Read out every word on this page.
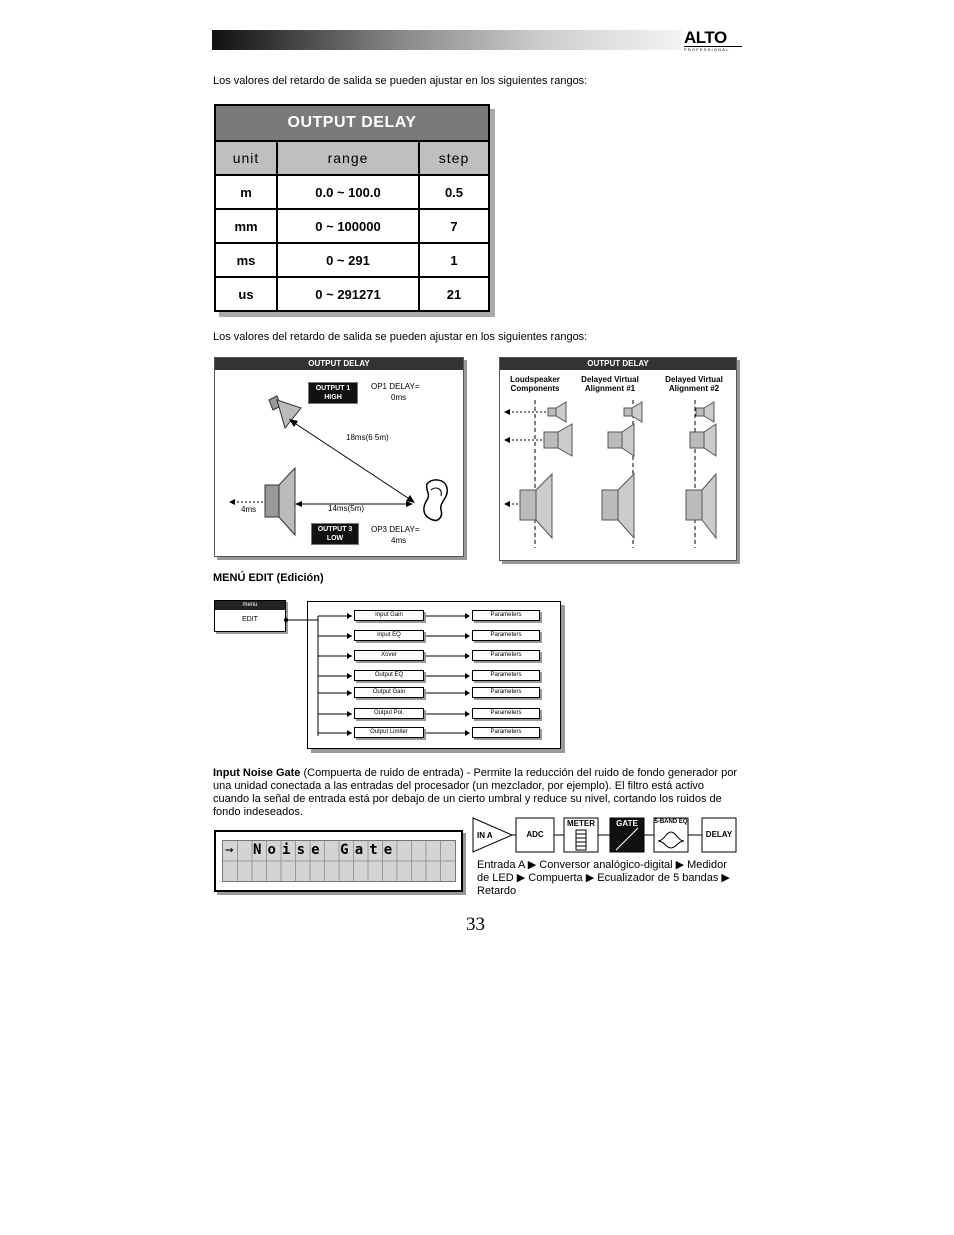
ALTO
PROFESSIONAL
Los valores del retardo de salida se pueden ajustar en los siguientes rangos:
OUTPUT DELAY
unit	range	step
m	0.0 ~ 100.0	0.5
mm	0 ~ 100000	7
ms	0 ~ 291	1
us	0 ~ 291271	21
Los valores del retardo de salida se pueden ajustar en los siguientes rangos:
OUTPUT DELAY
OUTPUT 1 HIGH
OP1 DELAY=
0ms
18ms(6 5m)
4ms	14ms(5m)
OUTPUT 3 LOW
OP3 DELAY=
4ms
OUTPUT DELAY
Loudspeaker Components
Delayed Virtual Alignment #1
Delayed Virtual Alignment #2
MENÚ EDIT (Edición)
menu
EDIT
Input Gain
Input EQ
Xover
Output EQ
Output Gain
Output Pol.
Output Limiter
Parameters
Parameters
Parameters
Parameters
Parameters
Parameters
Parameters
Input Noise Gate (Compuerta de ruido de entrada) - Permite la reducción del ruido de fondo generador por una unidad conectada a las entradas del procesador (un mezclador, por ejemplo). El filtro está activo cuando la señal de entrada está por debajo de un cierto umbral y reduce su nivel, cortando los ruidos de fondo indeseados.
→ Noise Gate
IN A	ADC
METER	GATE	5-BAND EQ
DELAY
Entrada A ▶ Conversor analógico-digital ▶ Medidor de LED ▶ Compuerta ▶ Ecualizador de 5 bandas ▶ Retardo
33
